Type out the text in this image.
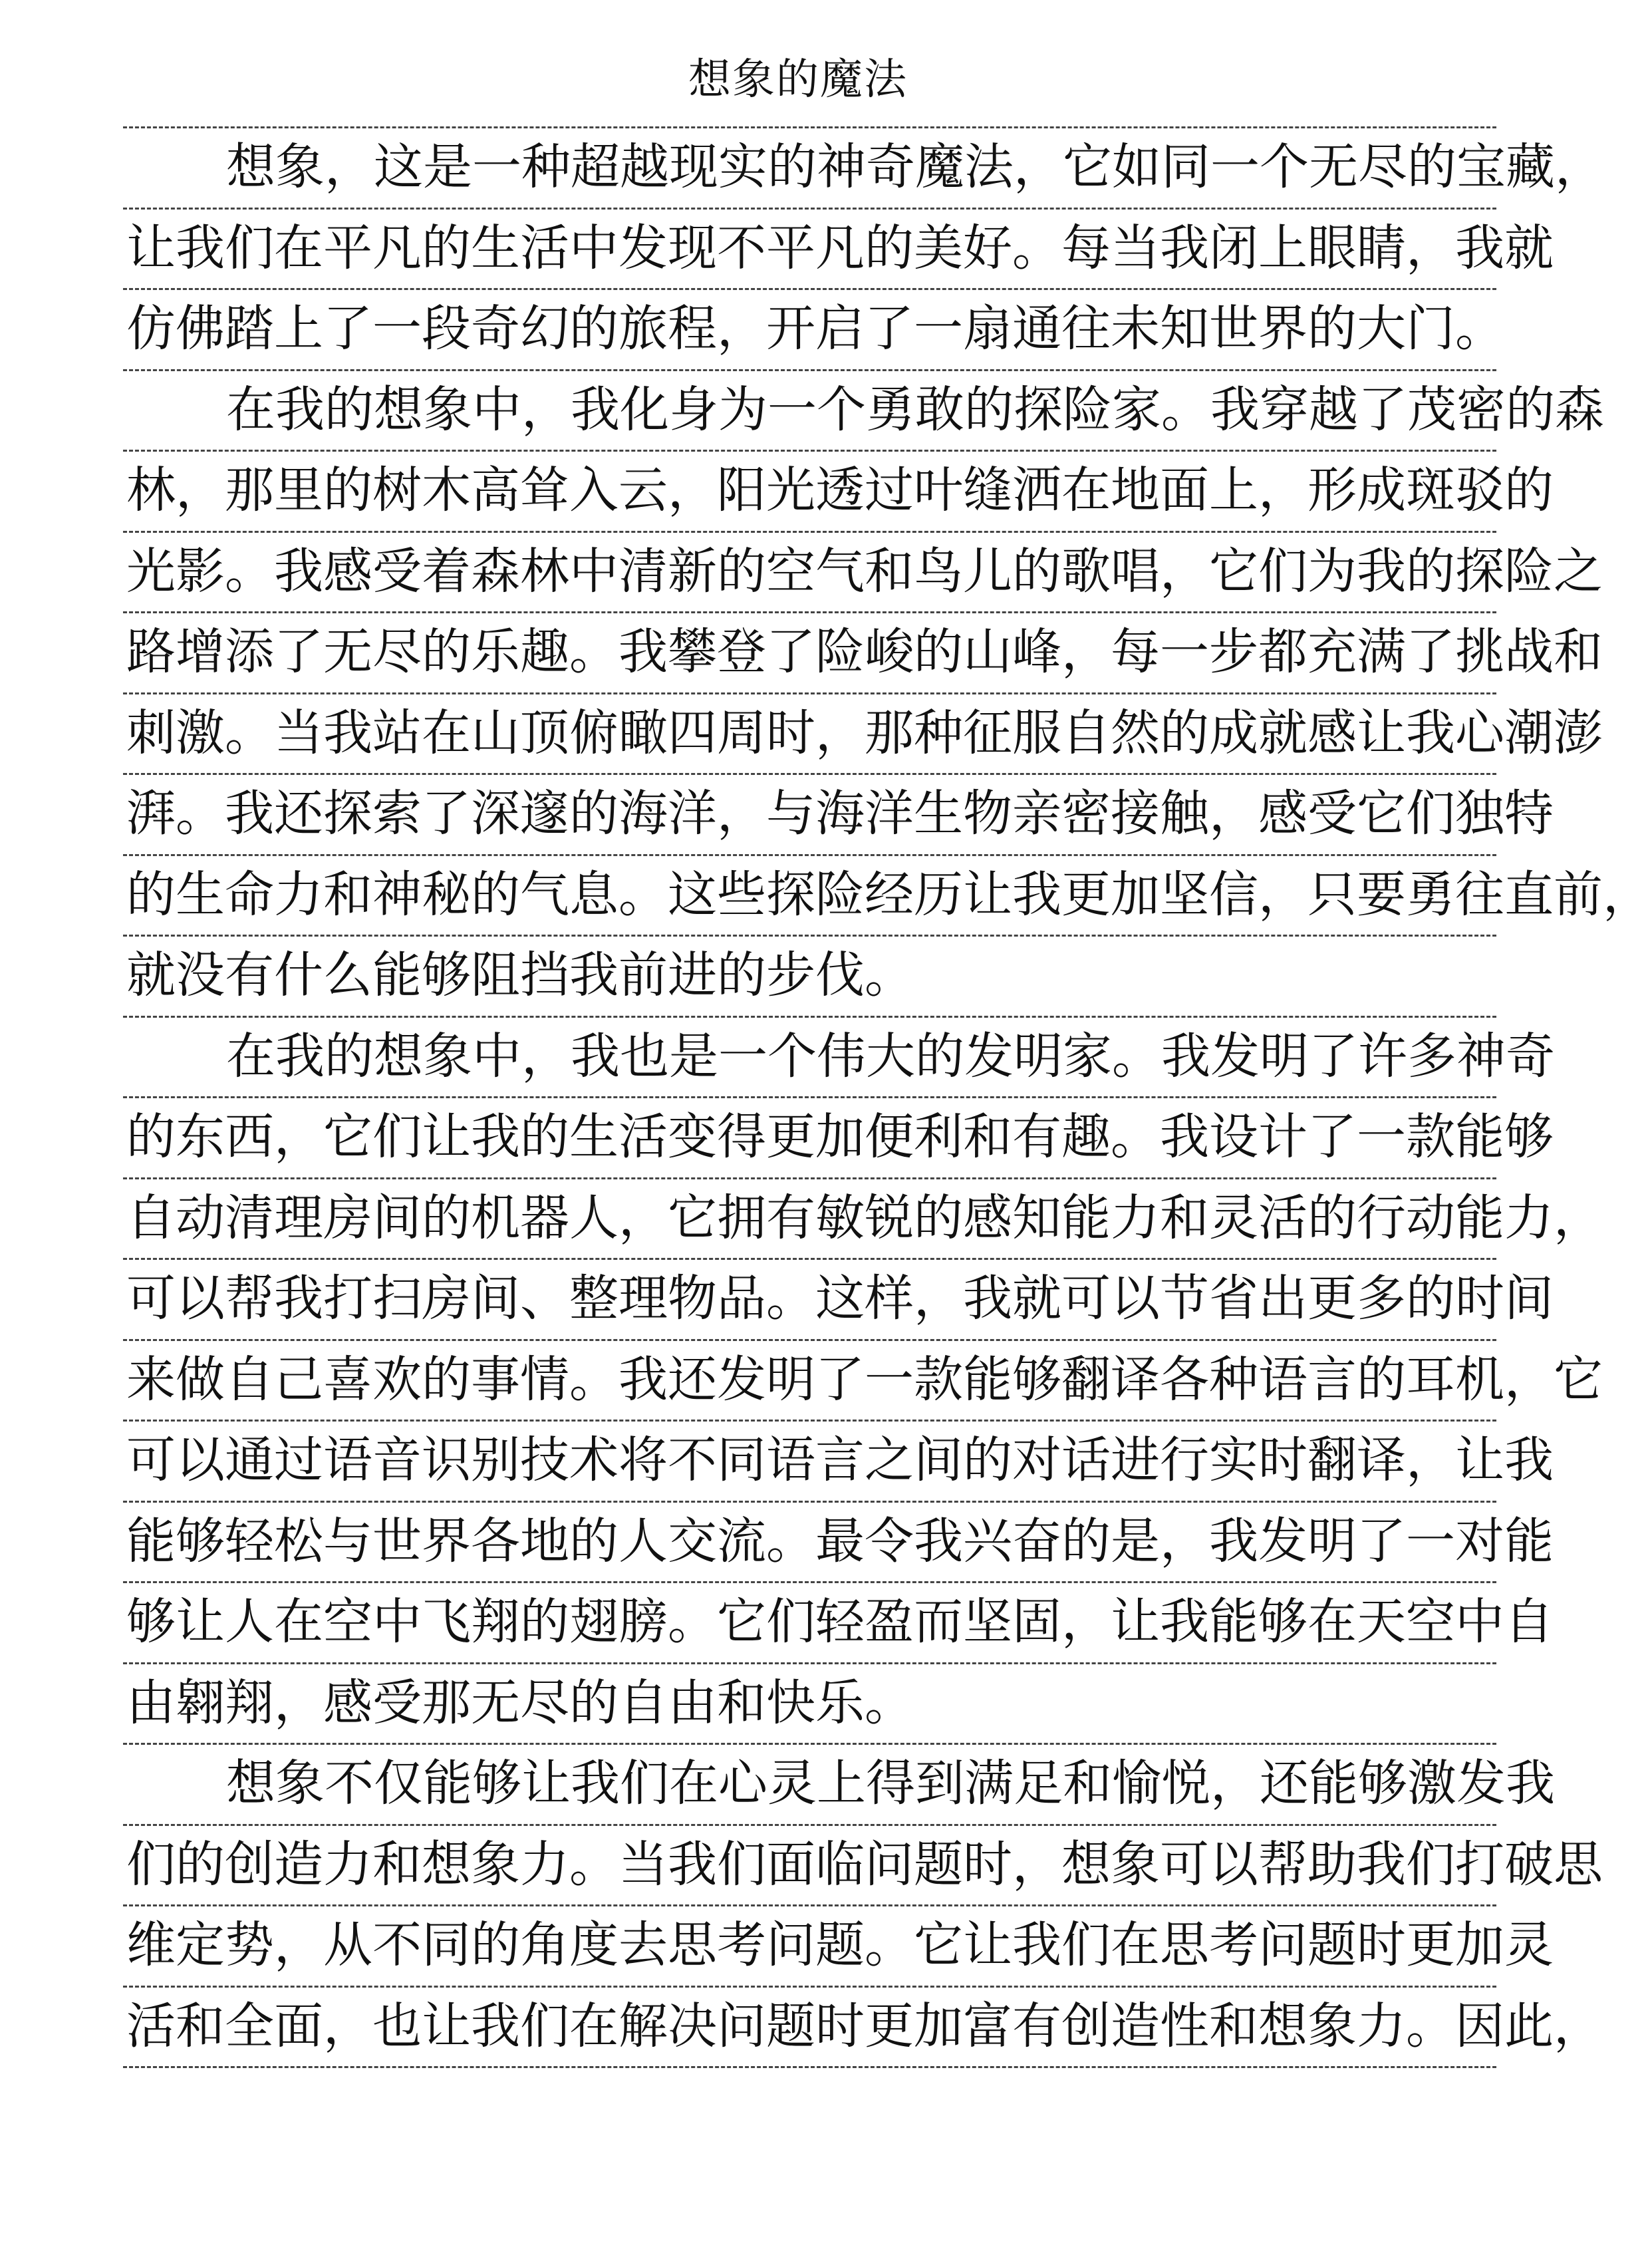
想象的魔法
想象，这是一种超越现实的神奇魔法，它如同一个无尽的宝藏，
让我们在平凡的生活中发现不平凡的美好。每当我闭上眼睛，我就
仿佛踏上了一段奇幻的旅程，开启了一扇通往未知世界的大门。
在我的想象中，我化身为一个勇敢的探险家。我穿越了茂密的森
林，那里的树木高耸入云，阳光透过叶缝洒在地面上，形成斑驳的
光影。我感受着森林中清新的空气和鸟儿的歌唱，它们为我的探险之
路增添了无尽的乐趣。我攀登了险峻的山峰，每一步都充满了挑战和
刺激。当我站在山顶俯瞰四周时，那种征服自然的成就感让我心潮澎
湃。我还探索了深邃的海洋，与海洋生物亲密接触，感受它们独特
的生命力和神秘的气息。这些探险经历让我更加坚信，只要勇往直前，
就没有什么能够阻挡我前进的步伐。
在我的想象中，我也是一个伟大的发明家。我发明了许多神奇
的东西，它们让我的生活变得更加便利和有趣。我设计了一款能够
自动清理房间的机器人，它拥有敏锐的感知能力和灵活的行动能力，
可以帮我打扫房间、整理物品。这样，我就可以节省出更多的时间
来做自己喜欢的事情。我还发明了一款能够翻译各种语言的耳机，它
可以通过语音识别技术将不同语言之间的对话进行实时翻译，让我
能够轻松与世界各地的人交流。最令我兴奋的是，我发明了一对能
够让人在空中飞翔的翅膀。它们轻盈而坚固，让我能够在天空中自
由翱翔，感受那无尽的自由和快乐。
想象不仅能够让我们在心灵上得到满足和愉悦，还能够激发我
们的创造力和想象力。当我们面临问题时，想象可以帮助我们打破思
维定势，从不同的角度去思考问题。它让我们在思考问题时更加灵
活和全面，也让我们在解决问题时更加富有创造性和想象力。因此，
